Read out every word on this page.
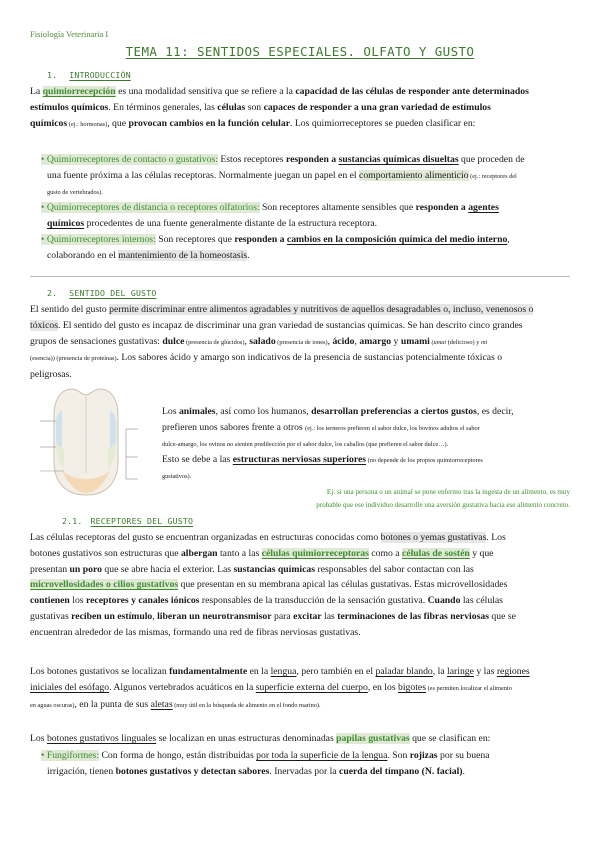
Fisiología Veterinaria I
TEMA 11: SENTIDOS ESPECIALES. OLFATO Y GUSTO
1. INTRODUCCIÓN
La quimiorrecepción es una modalidad sensitiva que se refiere a la capacidad de las células de responder ante determinados
estímulos químicos. En términos generales, las células son capaces de responder a una gran variedad de estímulos
químicos (ej.: hormonas), que provocan cambios en la función celular. Los quimiorreceptores se pueden clasificar en:
• Quimiorreceptores de contacto o gustativos: Estos receptores responden a sustancias químicas disueltas que proceden de
una fuente próxima a las células receptoras. Normalmente juegan un papel en el comportamiento alimenticio (ej.: receptores del
gusto de vertebrados).
• Quimiorreceptores de distancia o receptores olfatorios: Son receptores altamente sensibles que responden a agentes
químicos procedentes de una fuente generalmente distante de la estructura receptora.
• Quimiorreceptores internos: Son receptores que responden a cambios en la composición química del medio interno,
colaborando en el mantenimiento de la homeostasis.
2. SENTIDO DEL GUSTO
El sentido del gusto permite discriminar entre alimentos agradables y nutritivos de aquellos desagradables o, incluso, venenosos o
tóxicos. El sentido del gusto es incapaz de discriminar una gran variedad de sustancias químicas. Se han descrito cinco grandes
grupos de sensaciones gustativas: dulce (presencia de glúcidos), salado (presencia de iones), ácido, amargo y umami (umai (delicioso) y mi
(esencia)) (presencia de proteínas). Los sabores ácido y amargo son indicativos de la presencia de sustancias potencialmente tóxicas o
peligrosas.
Los animales, así como los humanos, desarrollan preferencias a ciertos gustos, es decir,
prefieren unos sabores frente a otros (ej.: los terneros prefieren el sabor dulce, los bovinos adultos el sabor
dulce-amargo, los ovinos no sienten predilección por el sabor dulce, los caballos (que prefieren el sabor dulce…).
Esto se debe a las estructuras nerviosas superiores (no depende de los propios quimiorreceptores
gustativos).
Ej: si una persona o un animal se pone enfermo tras la ingesta de un alimento, es muy
probable que ese individuo desarrolle una aversión gustativa hacia ese alimento concreto.
2.1. RECEPTORES DEL GUSTO
Las células receptoras del gusto se encuentran organizadas en estructuras conocidas como botones o yemas gustativas. Los
botones gustativos son estructuras que albergan tanto a las células quimiorreceptoras como a células de sostén y que
presentan un poro que se abre hacia el exterior. Las sustancias químicas responsables del sabor contactan con las
microvellosidades o cilios gustativos que presentan en su membrana apical las células gustativas. Estas microvellosidades
contienen los receptores y canales iónicos responsables de la transducción de la sensación gustativa. Cuando las células
gustativas reciben un estímulo, liberan un neurotransmisor para excitar las terminaciones de las fibras nerviosas que se
encuentran alrededor de las mismas, formando una red de fibras nerviosas gustativas.
Los botones gustativos se localizan fundamentalmente en la lengua, pero también en el paladar blando, la laringe y las regiones
iniciales del esófago. Algunos vertebrados acuáticos en la superficie externa del cuerpo, en los bigotes (es permiten localizar el alimento
en aguas oscuras), en la punta de sus aletas (muy útil en la búsqueda de alimento en el fondo marino).
Los botones gustativos linguales se localizan en unas estructuras denominadas papilas gustativas que se clasifican en:
• Fungiformes: Con forma de hongo, están distribuidas por toda la superficie de la lengua. Son rojizas por su buena
irrigación, tienen botones gustativos y detectan sabores. Inervadas por la cuerda del tímpano (N. facial).
